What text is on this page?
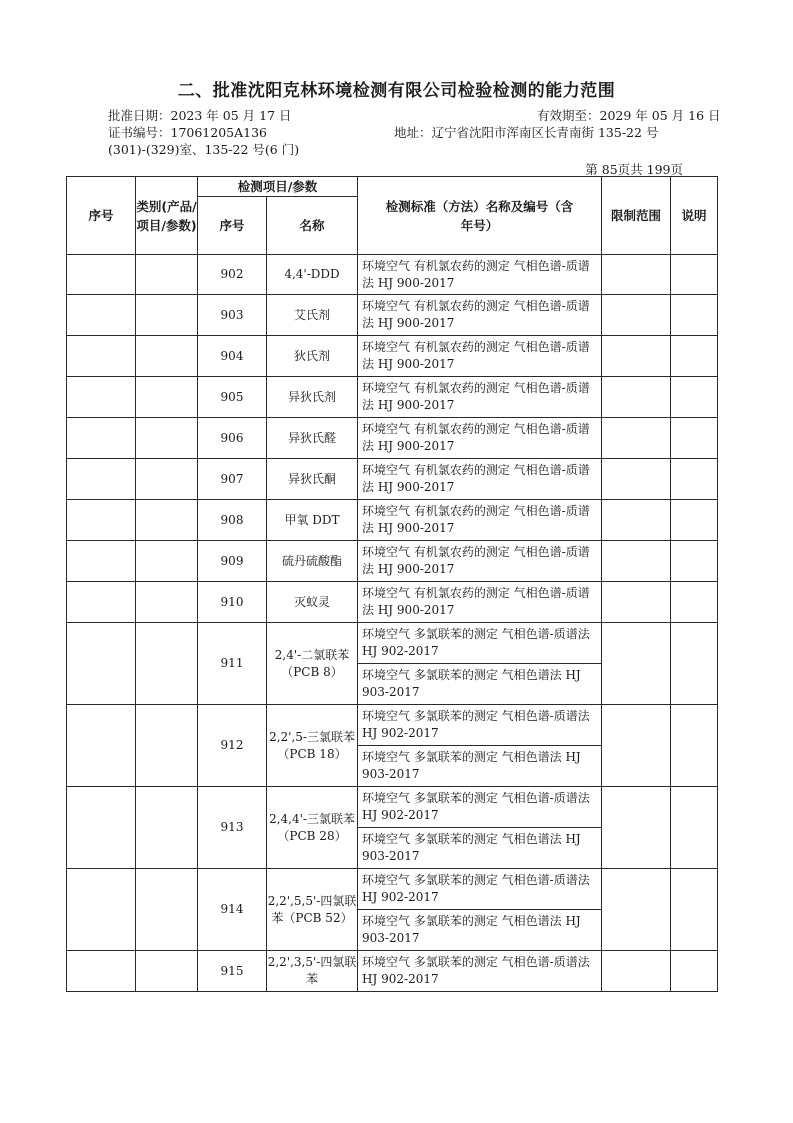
二、批准沈阳克林环境检测有限公司检验检测的能力范围
批准日期：2023 年 05 月 17 日	有效期至：2029 年 05 月 16 日
证书编号：17061205A136	地址：辽宁省沈阳市浑南区长青南街 135-22 号
(301)-(329)室、135-22 号(6 门)
第 85页共 199页
序号	类别(产品/项目/参数)	检测项目/参数		检测标准（方法）名称及编号（含年号）	限制范围	说明
		序号	名称			
		902	4,4'-DDD	环境空气 有机氯农药的测定 气相色谱-质谱法 HJ 900-2017		
		903	艾氏剂	环境空气 有机氯农药的测定 气相色谱-质谱法 HJ 900-2017		
		904	狄氏剂	环境空气 有机氯农药的测定 气相色谱-质谱法 HJ 900-2017		
		905	异狄氏剂	环境空气 有机氯农药的测定 气相色谱-质谱法 HJ 900-2017		
		906	异狄氏醛	环境空气 有机氯农药的测定 气相色谱-质谱法 HJ 900-2017		
		907	异狄氏酮	环境空气 有机氯农药的测定 气相色谱-质谱法 HJ 900-2017		
		908	甲氧 DDT	环境空气 有机氯农药的测定 气相色谱-质谱法 HJ 900-2017		
		909	硫丹硫酸酯	环境空气 有机氯农药的测定 气相色谱-质谱法 HJ 900-2017		
		910	灭蚁灵	环境空气 有机氯农药的测定 气相色谱-质谱法 HJ 900-2017		
		911	2,4'-二氯联苯（PCB 8）	环境空气 多氯联苯的测定 气相色谱-质谱法 HJ 902-2017		
				环境空气 多氯联苯的测定 气相色谱法 HJ 903-2017		
		912	2,2',5-三氯联苯（PCB 18）	环境空气 多氯联苯的测定 气相色谱-质谱法 HJ 902-2017		
				环境空气 多氯联苯的测定 气相色谱法 HJ 903-2017		
		913	2,4,4'-三氯联苯（PCB 28）	环境空气 多氯联苯的测定 气相色谱-质谱法 HJ 902-2017		
				环境空气 多氯联苯的测定 气相色谱法 HJ 903-2017		
		914	2,2',5,5'-四氯联苯（PCB 52）	环境空气 多氯联苯的测定 气相色谱-质谱法 HJ 902-2017		
				环境空气 多氯联苯的测定 气相色谱法 HJ 903-2017		
		915	2,2',3,5'-四氯联苯	环境空气 多氯联苯的测定 气相色谱-质谱法 HJ 902-2017		
